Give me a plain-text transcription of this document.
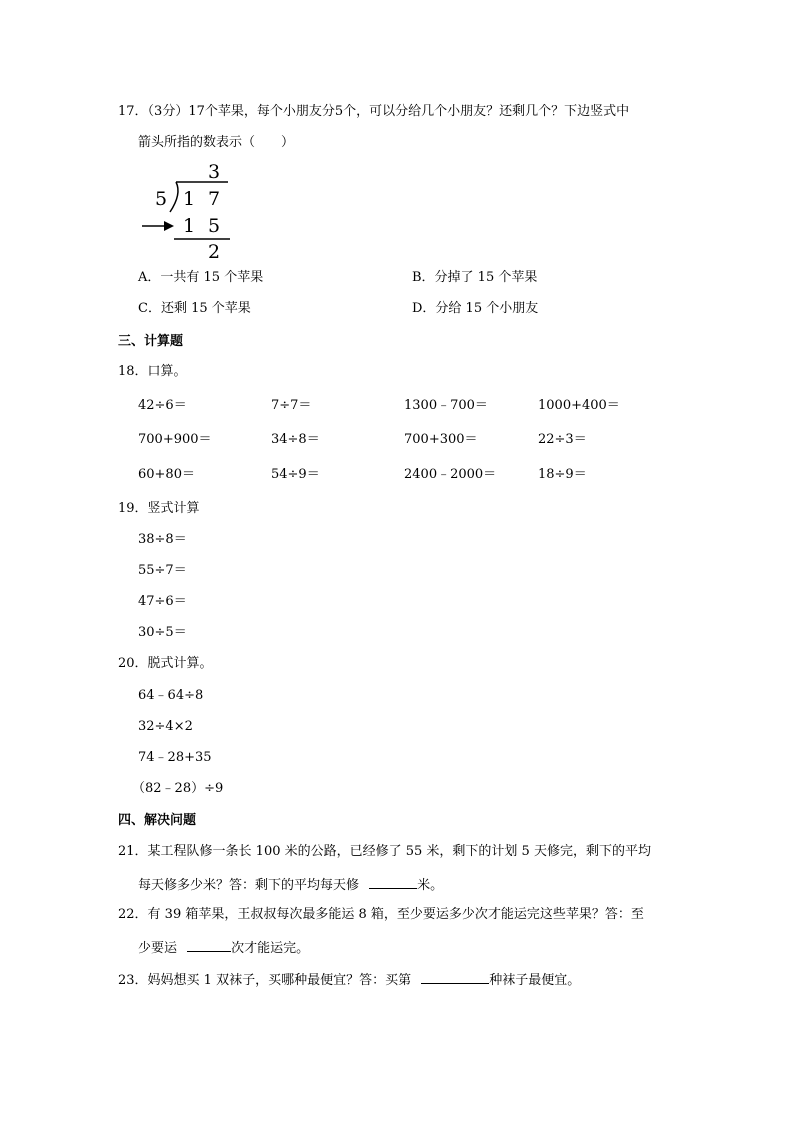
17．（3分）17个苹果，每个小朋友分5个，可以分给几个小朋友？还剩几个？下边竖式中
箭头所指的数表示（　　）
3
5 1 7
1 5
2
A．一共有 15 个苹果	B．分掉了 15 个苹果
C．还剩 15 个苹果	D．分给 15 个小朋友
三、计算题
18．口算。
42÷6＝	7÷7＝	1300﹣700＝	1000+400＝
700+900＝	34÷8＝	700+300＝	22÷3＝
60+80＝	54÷9＝	2400﹣2000＝	18÷9＝
19．竖式计算
38÷8＝
55÷7＝
47÷6＝
30÷5＝
20．脱式计算。
64﹣64÷8
32÷4×2
74﹣28+35
（82﹣28）÷9
四、解决问题
21．某工程队修一条长 100 米的公路，已经修了 55 米，剩下的计划 5 天修完，剩下的平均
每天修多少米？答：剩下的平均每天修	米。
22．有 39 箱苹果，王叔叔每次最多能运 8 箱，至少要运多少次才能运完这些苹果？答：至
少要运	次才能运完。
23．妈妈想买 1 双袜子，买哪种最便宜？答：买第	种袜子最便宜。
